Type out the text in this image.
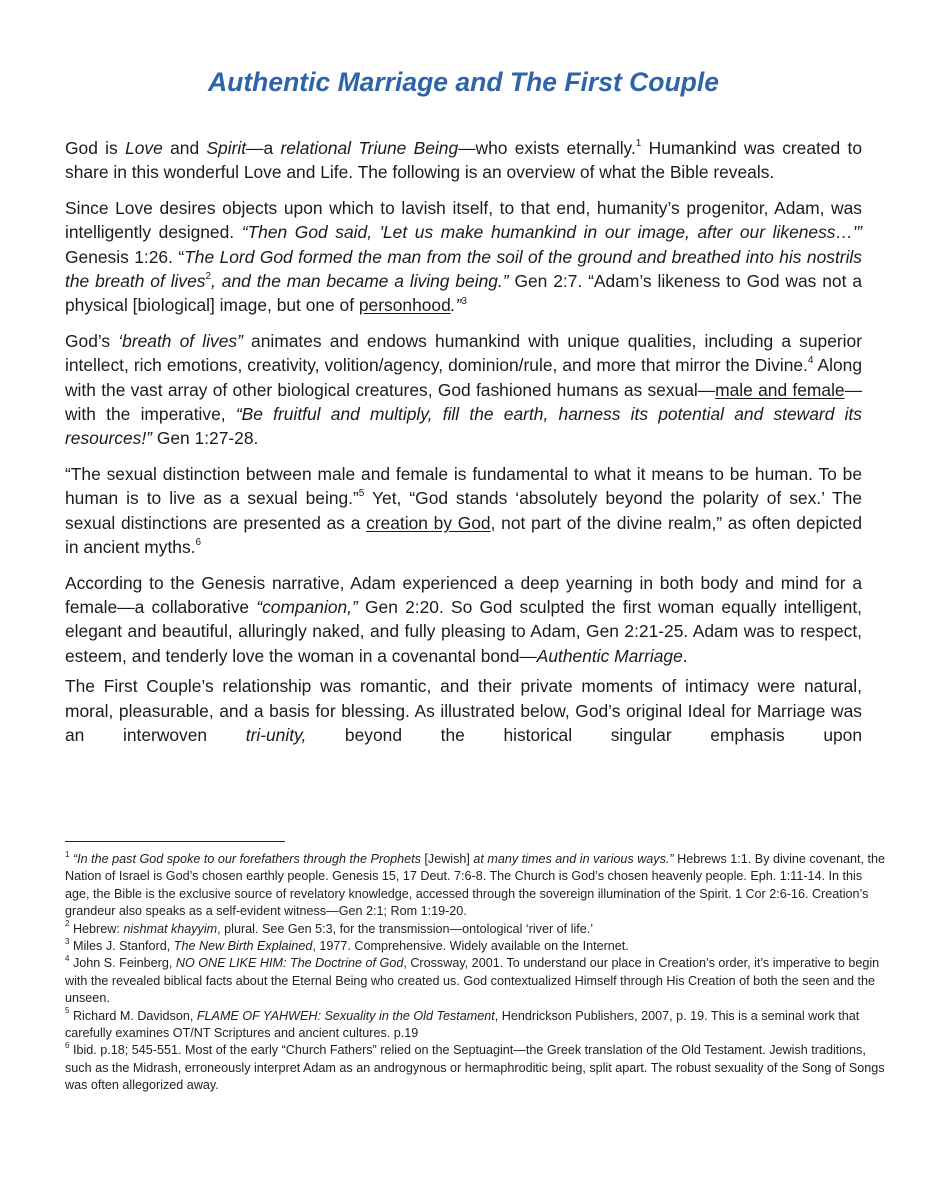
Authentic Marriage and The First Couple

God is Love and Spirit—a relational Triune Being—who exists eternally.$^1$ Humankind was created to share in this wonderful Love and Life. The following is an overview of what the Bible reveals.

Since Love desires objects upon which to lavish itself, to that end, humanity’s progenitor, Adam, was intelligently designed. “Then God said, 'Let us make humankind in our image, after our likeness…'” Genesis 1:26. “The Lord God formed the man from the soil of the ground and breathed into his nostrils the breath of lives$^2$, and the man became a living being.” Gen 2:7. “Adam’s likeness to God was not a physical [biological] image, but one of personhood.”$^3$

God’s ‘breath of lives” animates and endows humankind with unique qualities, including a superior intellect, rich emotions, creativity, volition/agency, dominion/rule, and more that mirror the Divine.$^4$ Along with the vast array of other biological creatures, God fashioned humans as sexual—male and female—with the imperative, “Be fruitful and multiply, fill the earth, harness its potential and steward its resources!” Gen 1:27-28.

“The sexual distinction between male and female is fundamental to what it means to be human. To be human is to live as a sexual being.”$^5$ Yet, “God stands ‘absolutely beyond the polarity of sex.’ The sexual distinctions are presented as a creation by God, not part of the divine realm,” as often depicted in ancient myths.$^6$

According to the Genesis narrative, Adam experienced a deep yearning in both body and mind for a female—a collaborative “companion,” Gen 2:20. So God sculpted the first woman equally intelligent, elegant and beautiful, alluringly naked, and fully pleasing to Adam, Gen 2:21-25. Adam was to respect, esteem, and tenderly love the woman in a covenantal bond—Authentic Marriage.

The First Couple’s relationship was romantic, and their private moments of intimacy were natural, moral, pleasurable, and a basis for blessing. As illustrated below, God’s original Ideal for Marriage was an interwoven tri-unity, beyond the historical singular emphasis upon

$^1$ “In the past God spoke to our forefathers through the Prophets [Jewish] at many times and in various ways.” Hebrews 1:1. By divine covenant, the Nation of Israel is God’s chosen earthly people. Genesis 15, 17 Deut. 7:6-8. The Church is God’s chosen heavenly people. Eph. 1:11-14. In this age, the Bible is the exclusive source of revelatory knowledge, accessed through the sovereign illumination of the Spirit. 1 Cor 2:6-16. Creation’s grandeur also speaks as a self-evident witness—Gen 2:1; Rom 1:19-20.

$^2$ Hebrew: nishmat khayyim, plural. See Gen 5:3, for the transmission—ontological ‘river of life.’

$^3$ Miles J. Stanford, The New Birth Explained, 1977. Comprehensive. Widely available on the Internet.

$^4$ John S. Feinberg, NO ONE LIKE HIM: The Doctrine of God, Crossway, 2001. To understand our place in Creation’s order, it’s imperative to begin with the revealed biblical facts about the Eternal Being who created us. God contextualized Himself through His Creation of both the seen and the unseen.

$^5$ Richard M. Davidson, FLAME OF YAHWEH: Sexuality in the Old Testament, Hendrickson Publishers, 2007, p. 19. This is a seminal work that carefully examines OT/NT Scriptures and ancient cultures. p.19

$^6$ Ibid. p.18; 545-551. Most of the early “Church Fathers” relied on the Septuagint—the Greek translation of the Old Testament. Jewish traditions, such as the Midrash, erroneously interpret Adam as an androgynous or hermaphroditic being, split apart. The robust sexuality of the Song of Songs was often allegorized away.
